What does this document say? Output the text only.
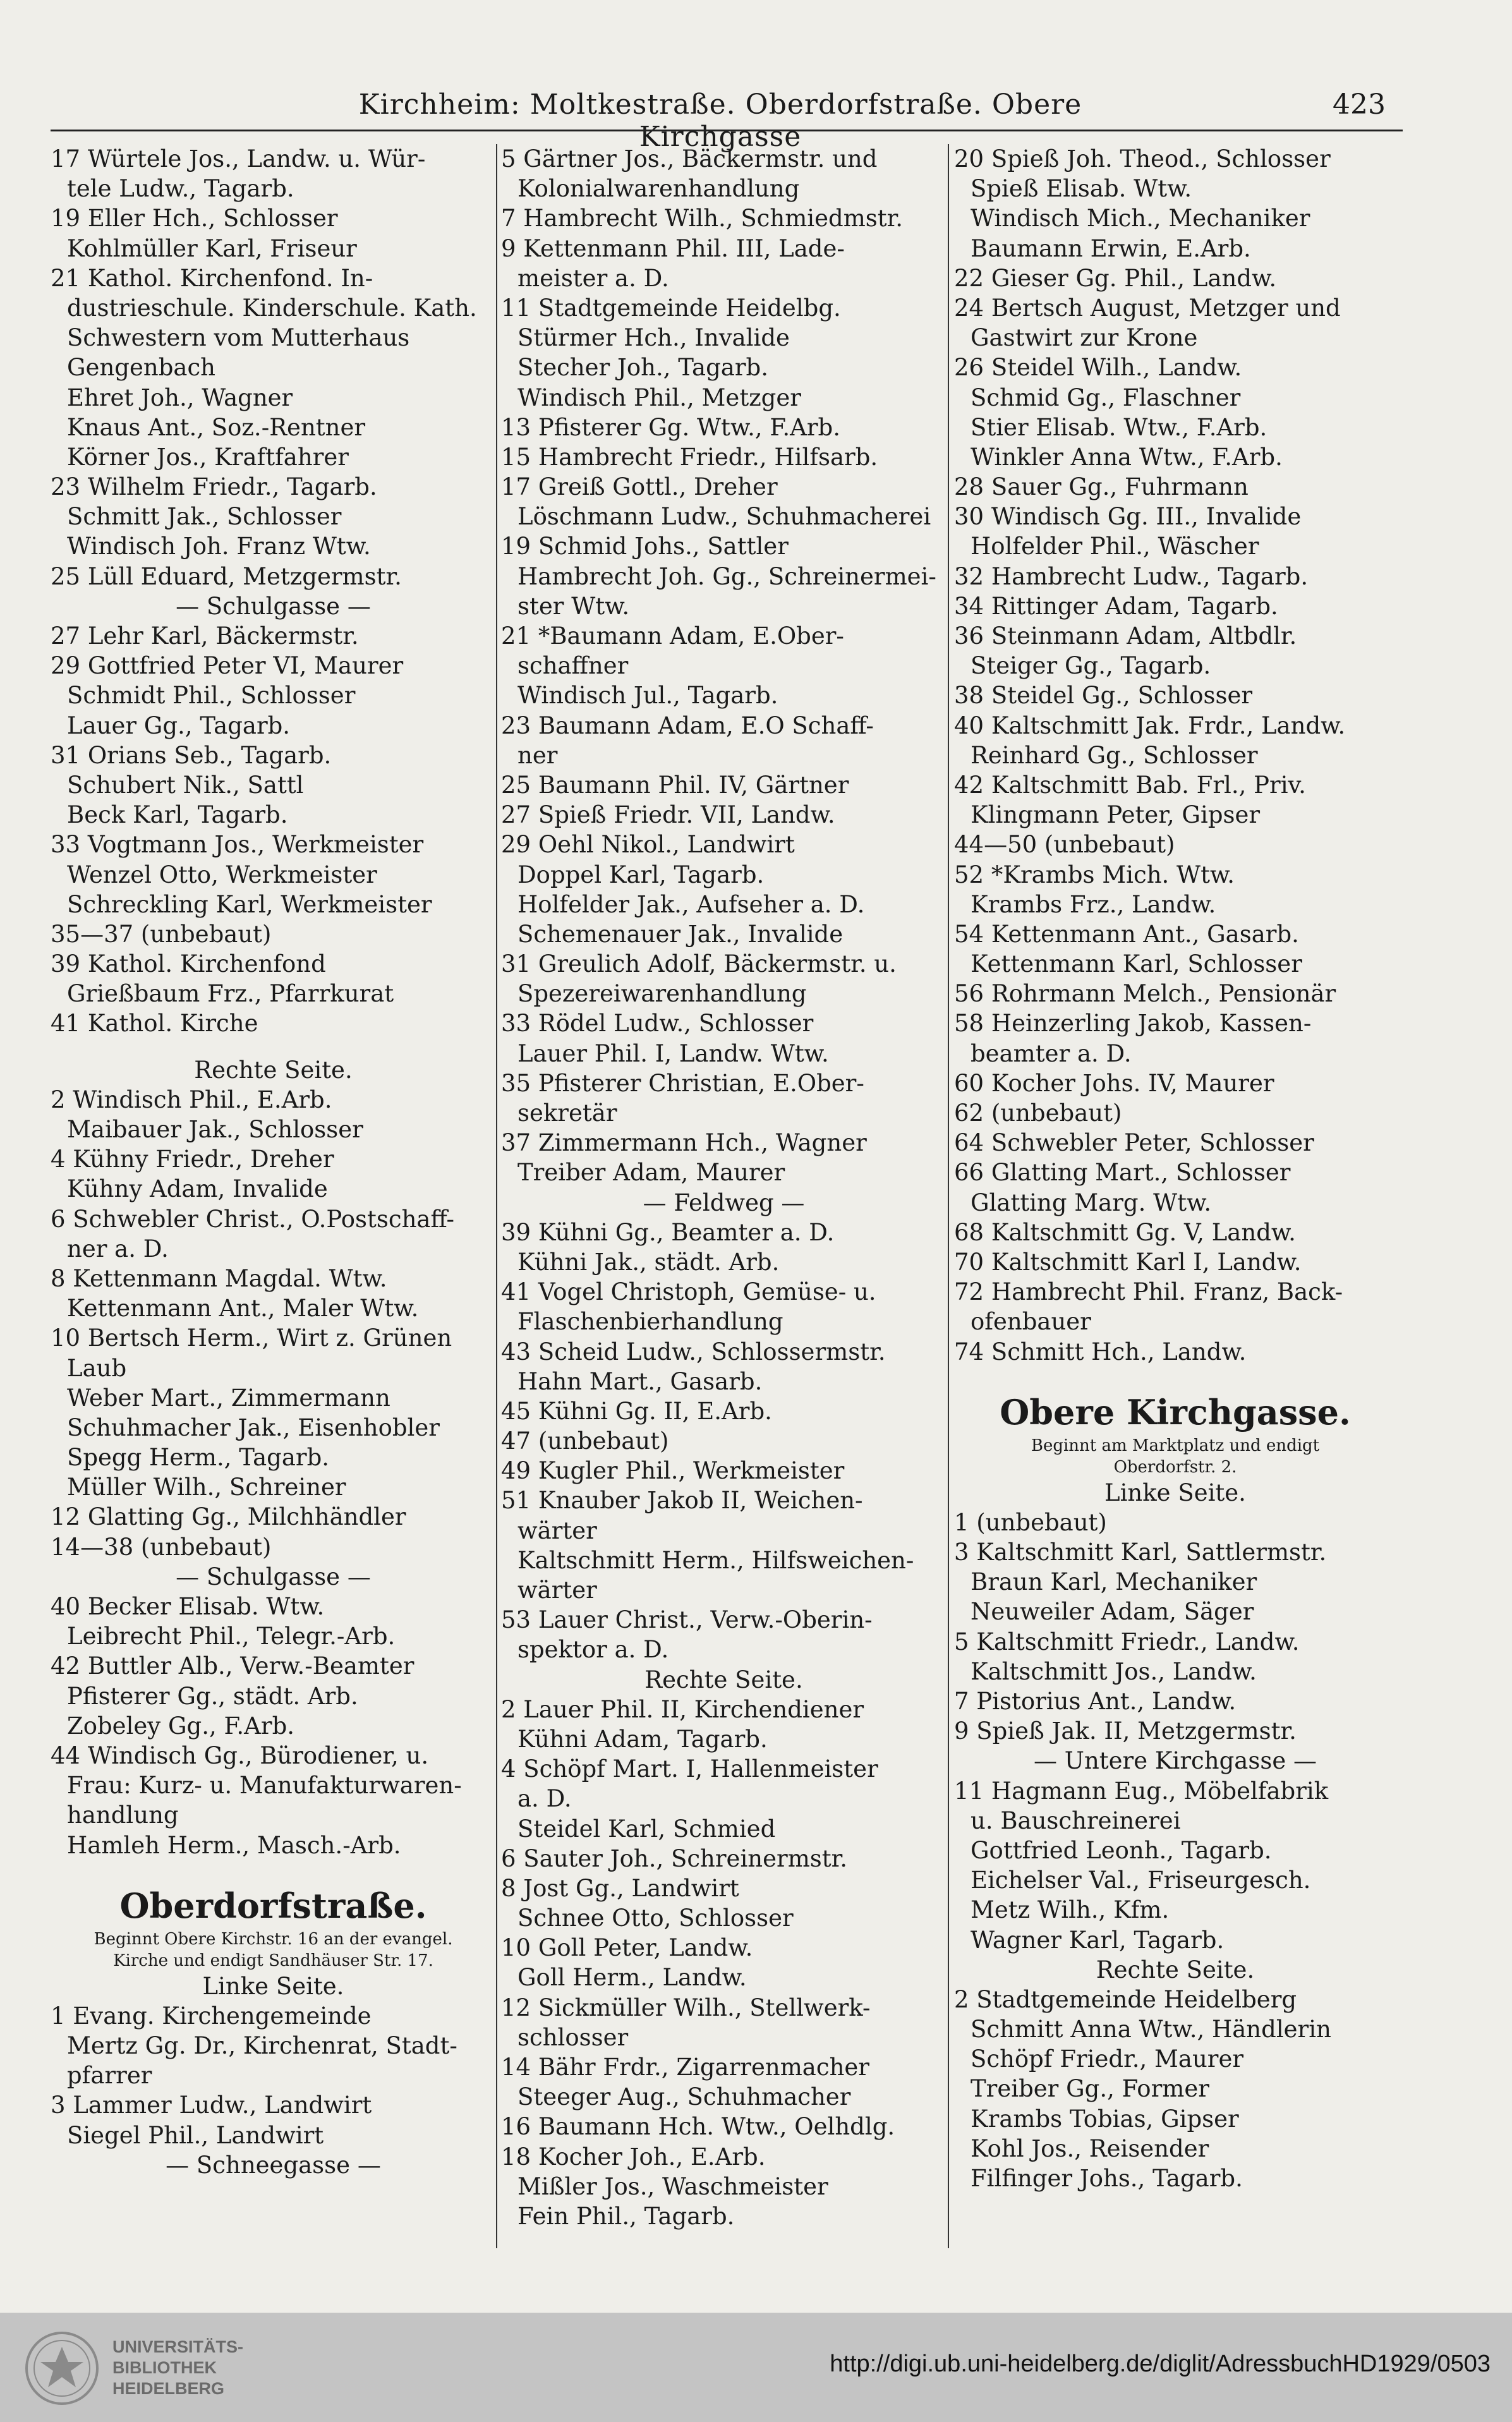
Kirchheim: Moltkestraße. Oberdorfstraße. Obere Kirchgasse
423
17 Würtele Jos., Landw. u. Wür-
tele Ludw., Tagarb.
19 Eller Hch., Schlosser
Kohlmüller Karl, Friseur
21 Kathol. Kirchenfond. In-
dustrieschule. Kinderschule. Kath.
Schwestern vom Mutterhaus
Gengenbach
Ehret Joh., Wagner
Knaus Ant., Soz.-Rentner
Körner Jos., Kraftfahrer
23 Wilhelm Friedr., Tagarb.
Schmitt Jak., Schlosser
Windisch Joh. Franz Wtw.
25 Lüll Eduard, Metzgermstr.
— Schulgasse —
27 Lehr Karl, Bäckermstr.
29 Gottfried Peter VI, Maurer
Schmidt Phil., Schlosser
Lauer Gg., Tagarb.
31 Orians Seb., Tagarb.
Schubert Nik., Sattl
Beck Karl, Tagarb.
33 Vogtmann Jos., Werkmeister
Wenzel Otto, Werkmeister
Schreckling Karl, Werkmeister
35—37 (unbebaut)
39 Kathol. Kirchenfond
Grießbaum Frz., Pfarrkurat
41 Kathol. Kirche
Rechte Seite.
2 Windisch Phil., E.Arb.
Maibauer Jak., Schlosser
4 Kühny Friedr., Dreher
Kühny Adam, Invalide
6 Schwebler Christ., O.Postschaff-
ner a. D.
8 Kettenmann Magdal. Wtw.
Kettenmann Ant., Maler Wtw.
10 Bertsch Herm., Wirt z. Grünen
Laub
Weber Mart., Zimmermann
Schuhmacher Jak., Eisenhobler
Spegg Herm., Tagarb.
Müller Wilh., Schreiner
12 Glatting Gg., Milchhändler
14—38 (unbebaut)
— Schulgasse —
40 Becker Elisab. Wtw.
Leibrecht Phil., Telegr.-Arb.
42 Buttler Alb., Verw.-Beamter
Pfisterer Gg., städt. Arb.
Zobeley Gg., F.Arb.
44 Windisch Gg., Bürodiener, u.
Frau: Kurz- u. Manufakturwaren-
handlung
Hamleh Herm., Masch.-Arb.
Oberdorfstraße.
Beginnt Obere Kirchstr. 16 an der evangel.
Kirche und endigt Sandhäuser Str. 17.
Linke Seite.
1 Evang. Kirchengemeinde
Mertz Gg. Dr., Kirchenrat, Stadt-
pfarrer
3 Lammer Ludw., Landwirt
Siegel Phil., Landwirt
— Schneegasse —
5 Gärtner Jos., Bäckermstr. und
Kolonialwarenhandlung
7 Hambrecht Wilh., Schmiedmstr.
9 Kettenmann Phil. III, Lade-
meister a. D.
11 Stadtgemeinde Heidelbg.
Stürmer Hch., Invalide
Stecher Joh., Tagarb.
Windisch Phil., Metzger
13 Pfisterer Gg. Wtw., F.Arb.
15 Hambrecht Friedr., Hilfsarb.
17 Greiß Gottl., Dreher
Löschmann Ludw., Schuhmacherei
19 Schmid Johs., Sattler
Hambrecht Joh. Gg., Schreinermei-
ster Wtw.
21 *Baumann Adam, E.Ober-
schaffner
Windisch Jul., Tagarb.
23 Baumann Adam, E.O Schaff-
ner
25 Baumann Phil. IV, Gärtner
27 Spieß Friedr. VII, Landw.
29 Oehl Nikol., Landwirt
Doppel Karl, Tagarb.
Holfelder Jak., Aufseher a. D.
Schemenauer Jak., Invalide
31 Greulich Adolf, Bäckermstr. u.
Spezereiwarenhandlung
33 Rödel Ludw., Schlosser
Lauer Phil. I, Landw. Wtw.
35 Pfisterer Christian, E.Ober-
sekretär
37 Zimmermann Hch., Wagner
Treiber Adam, Maurer
— Feldweg —
39 Kühni Gg., Beamter a. D.
Kühni Jak., städt. Arb.
41 Vogel Christoph, Gemüse- u.
Flaschenbierhandlung
43 Scheid Ludw., Schlossermstr.
Hahn Mart., Gasarb.
45 Kühni Gg. II, E.Arb.
47 (unbebaut)
49 Kugler Phil., Werkmeister
51 Knauber Jakob II, Weichen-
wärter
Kaltschmitt Herm., Hilfsweichen-
wärter
53 Lauer Christ., Verw.-Oberin-
spektor a. D.
Rechte Seite.
2 Lauer Phil. II, Kirchendiener
Kühni Adam, Tagarb.
4 Schöpf Mart. I, Hallenmeister
a. D.
Steidel Karl, Schmied
6 Sauter Joh., Schreinermstr.
8 Jost Gg., Landwirt
Schnee Otto, Schlosser
10 Goll Peter, Landw.
Goll Herm., Landw.
12 Sickmüller Wilh., Stellwerk-
schlosser
14 Bähr Frdr., Zigarrenmacher
Steeger Aug., Schuhmacher
16 Baumann Hch. Wtw., Oelhdlg.
18 Kocher Joh., E.Arb.
Mißler Jos., Waschmeister
Fein Phil., Tagarb.
20 Spieß Joh. Theod., Schlosser
Spieß Elisab. Wtw.
Windisch Mich., Mechaniker
Baumann Erwin, E.Arb.
22 Gieser Gg. Phil., Landw.
24 Bertsch August, Metzger und
Gastwirt zur Krone
26 Steidel Wilh., Landw.
Schmid Gg., Flaschner
Stier Elisab. Wtw., F.Arb.
Winkler Anna Wtw., F.Arb.
28 Sauer Gg., Fuhrmann
30 Windisch Gg. III., Invalide
Holfelder Phil., Wäscher
32 Hambrecht Ludw., Tagarb.
34 Rittinger Adam, Tagarb.
36 Steinmann Adam, Altbdlr.
Steiger Gg., Tagarb.
38 Steidel Gg., Schlosser
40 Kaltschmitt Jak. Frdr., Landw.
Reinhard Gg., Schlosser
42 Kaltschmitt Bab. Frl., Priv.
Klingmann Peter, Gipser
44—50 (unbebaut)
52 *Krambs Mich. Wtw.
Krambs Frz., Landw.
54 Kettenmann Ant., Gasarb.
Kettenmann Karl, Schlosser
56 Rohrmann Melch., Pensionär
58 Heinzerling Jakob, Kassen-
beamter a. D.
60 Kocher Johs. IV, Maurer
62 (unbebaut)
64 Schwebler Peter, Schlosser
66 Glatting Mart., Schlosser
Glatting Marg. Wtw.
68 Kaltschmitt Gg. V, Landw.
70 Kaltschmitt Karl I, Landw.
72 Hambrecht Phil. Franz, Back-
ofenbauer
74 Schmitt Hch., Landw.
Obere Kirchgasse.
Beginnt am Marktplatz und endigt
Oberdorfstr. 2.
Linke Seite.
1 (unbebaut)
3 Kaltschmitt Karl, Sattlermstr.
Braun Karl, Mechaniker
Neuweiler Adam, Säger
5 Kaltschmitt Friedr., Landw.
Kaltschmitt Jos., Landw.
7 Pistorius Ant., Landw.
9 Spieß Jak. II, Metzgermstr.
— Untere Kirchgasse —
11 Hagmann Eug., Möbelfabrik
u. Bauschreinerei
Gottfried Leonh., Tagarb.
Eichelser Val., Friseurgesch.
Metz Wilh., Kfm.
Wagner Karl, Tagarb.
Rechte Seite.
2 Stadtgemeinde Heidelberg
Schmitt Anna Wtw., Händlerin
Schöpf Friedr., Maurer
Treiber Gg., Former
Krambs Tobias, Gipser
Kohl Jos., Reisender
Filfinger Johs., Tagarb.
UNIVERSITÄTS-
BIBLIOTHEK
HEIDELBERG
http://digi.ub.uni-heidelberg.de/diglit/AdressbuchHD1929/0503
